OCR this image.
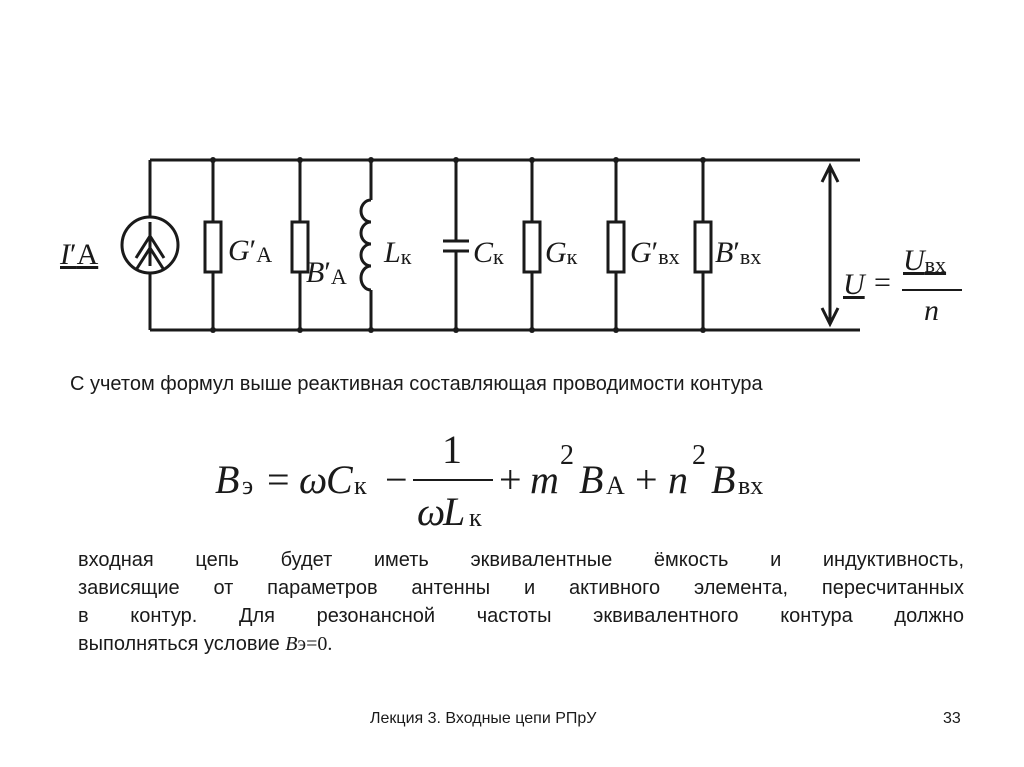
I′А	$G'_А$
$B'_А$
$L_к$ $C_к$ $G_к$ $G'_{вх}$ $B'_{вх}$
U =
$U_{вх}$
n
С учетом формул выше реактивная составляющая проводимости контура
B э = ω
C к −
1
ω
L к
+ m
2
B А + n
2
B вх
входная цепь будет иметь эквивалентные ёмкость и индуктивность,
зависящие от параметров антенны и активного элемента, пересчитанных
в контур. Для резонансной частоты эквивалентного контура должно
выполняться условие Bэ=0.
Лекция 3. Входные цепи РПрУ	33
